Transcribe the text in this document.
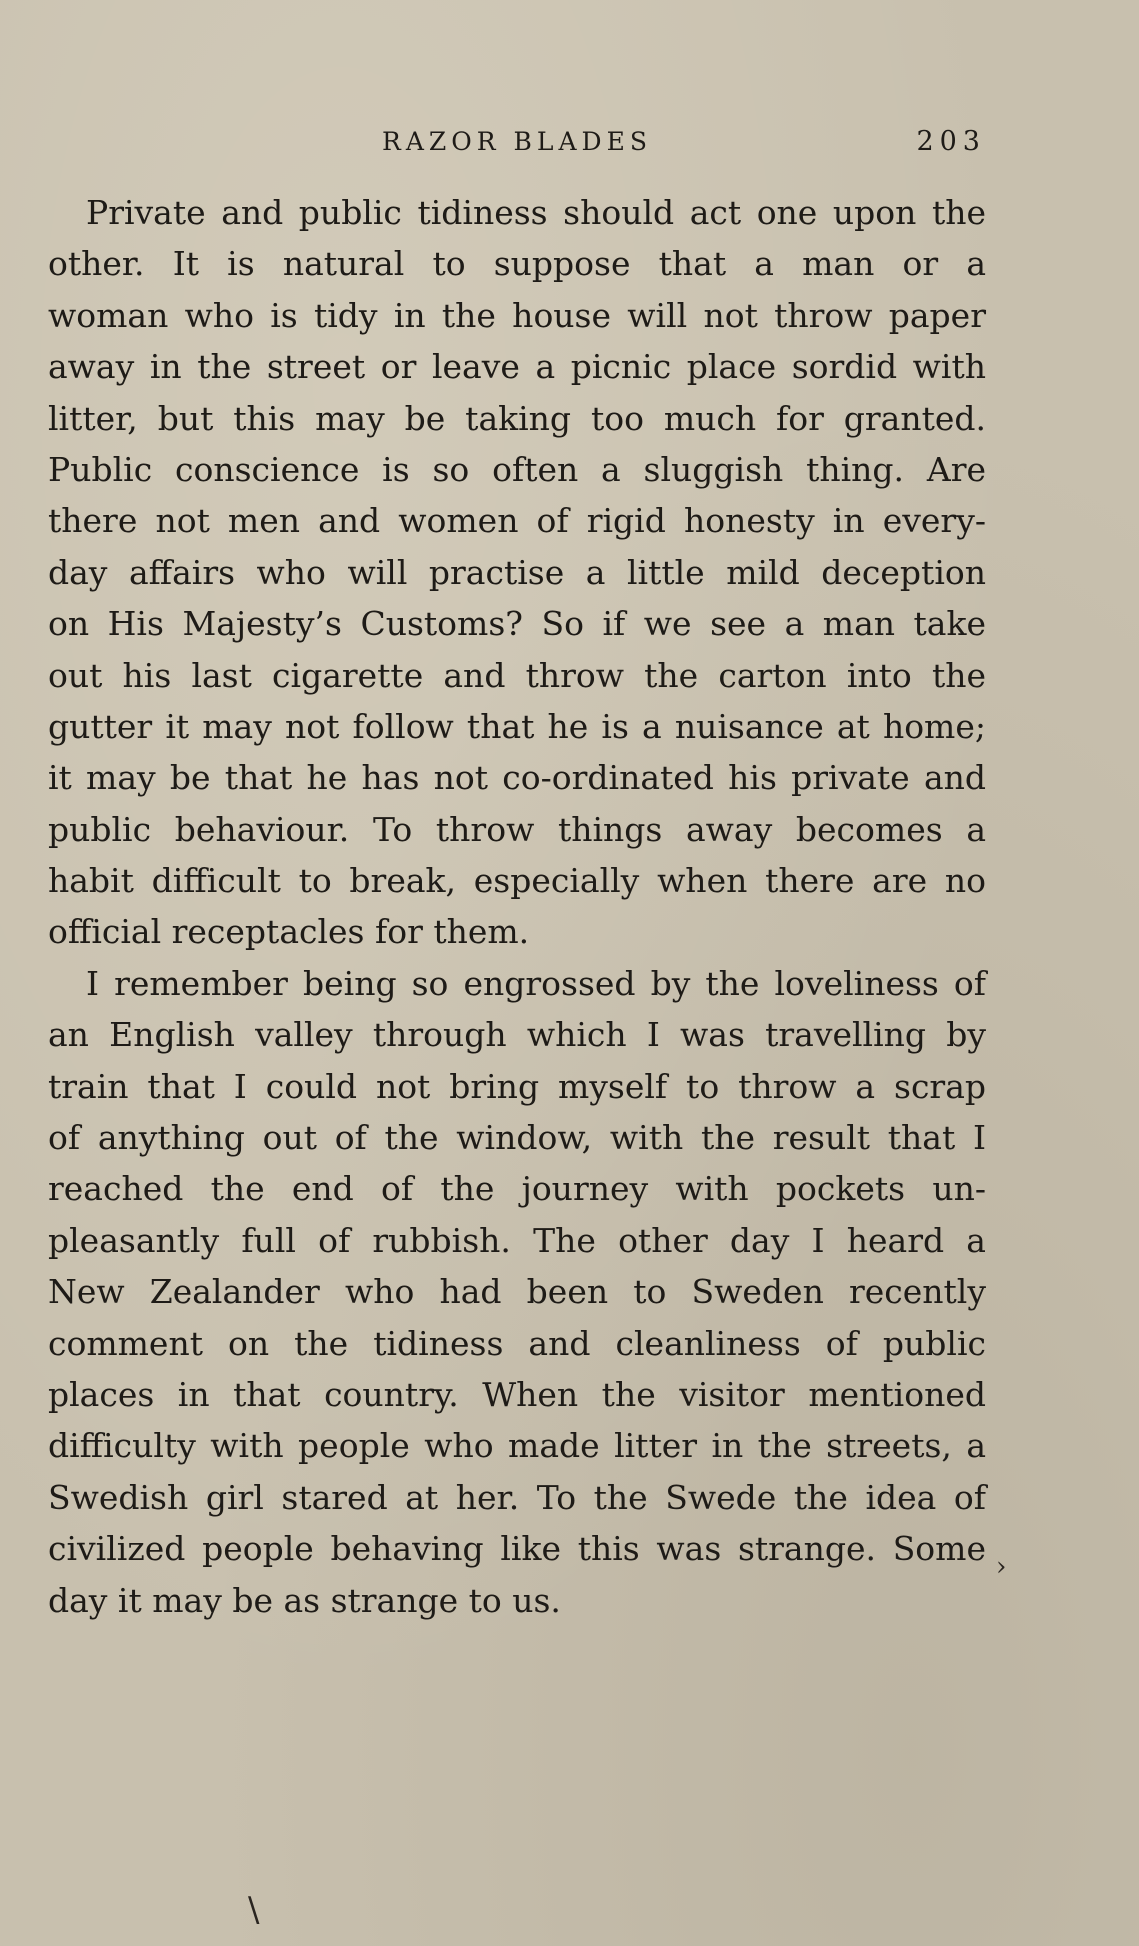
RAZOR BLADES	203
Private and public tidiness should act one upon the
other. It is natural to suppose that a man or a
woman who is tidy in the house will not throw paper
away in the street or leave a picnic place sordid with
litter, but this may be taking too much for granted.
Public conscience is so often a sluggish thing. Are
there not men and women of rigid honesty in every-
day affairs who will practise a little mild deception
on His Majesty’s Customs? So if we see a man take
out his last cigarette and throw the carton into the
gutter it may not follow that he is a nuisance at home;
it may be that he has not co-ordinated his private and
public behaviour. To throw things away becomes a
habit difficult to break, especially when there are no
official receptacles for them.
I remember being so engrossed by the loveliness of
an English valley through which I was travelling by
train that I could not bring myself to throw a scrap
of anything out of the window, with the result that I
reached the end of the journey with pockets un-
pleasantly full of rubbish. The other day I heard a
New Zealander who had been to Sweden recently
comment on the tidiness and cleanliness of public
places in that country. When the visitor mentioned
difficulty with people who made litter in the streets, a
Swedish girl stared at her. To the Swede the idea of
civilized people behaving like this was strange. Some
day it may be as strange to us.
›
\
